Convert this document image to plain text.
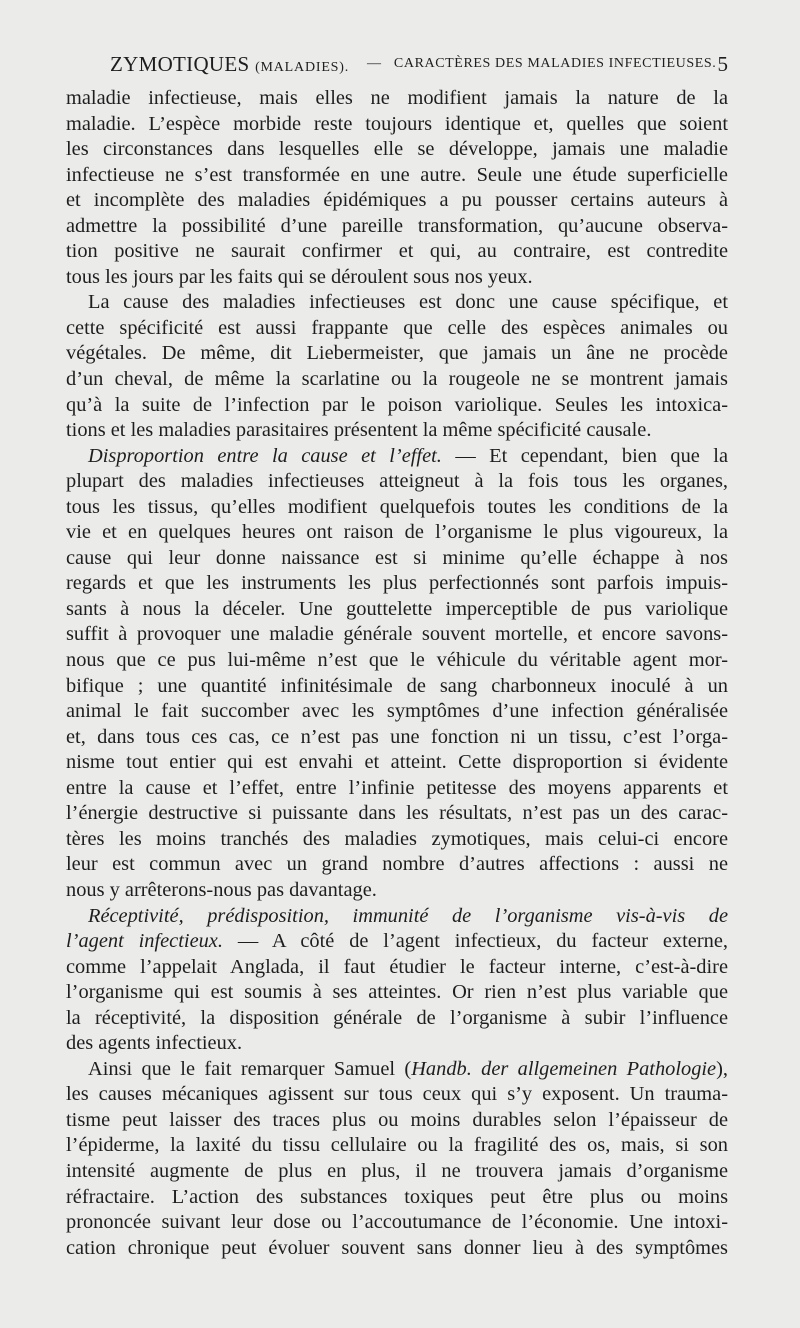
ZYMOTIQUES (MALADIES). — CARACTÈRES DES MALADIES INFECTIEUSES. 5
maladie infectieuse, mais elles ne modifient jamais la nature de la
maladie. L’espèce morbide reste toujours identique et, quelles que soient
les circonstances dans lesquelles elle se développe, jamais une maladie
infectieuse ne s’est transformée en une autre. Seule une étude superficielle
et incomplète des maladies épidémiques a pu pousser certains auteurs à
admettre la possibilité d’une pareille transformation, qu’aucune observa-
tion positive ne saurait confirmer et qui, au contraire, est contredite
tous les jours par les faits qui se déroulent sous nos yeux.
La cause des maladies infectieuses est donc une cause spécifique, et
cette spécificité est aussi frappante que celle des espèces animales ou
végétales. De même, dit Liebermeister, que jamais un âne ne procède
d’un cheval, de même la scarlatine ou la rougeole ne se montrent jamais
qu’à la suite de l’infection par le poison variolique. Seules les intoxica-
tions et les maladies parasitaires présentent la même spécificité causale.
Disproportion entre la cause et l’effet. — Et cependant, bien que la
plupart des maladies infectieuses atteigneut à la fois tous les organes,
tous les tissus, qu’elles modifient quelquefois toutes les conditions de la
vie et en quelques heures ont raison de l’organisme le plus vigoureux, la
cause qui leur donne naissance est si minime qu’elle échappe à nos
regards et que les instruments les plus perfectionnés sont parfois impuis-
sants à nous la déceler. Une gouttelette imperceptible de pus variolique
suffit à provoquer une maladie générale souvent mortelle, et encore savons-
nous que ce pus lui-même n’est que le véhicule du véritable agent mor-
bifique ; une quantité infinitésimale de sang charbonneux inoculé à un
animal le fait succomber avec les symptômes d’une infection généralisée
et, dans tous ces cas, ce n’est pas une fonction ni un tissu, c’est l’orga-
nisme tout entier qui est envahi et atteint. Cette disproportion si évidente
entre la cause et l’effet, entre l’infinie petitesse des moyens apparents et
l’énergie destructive si puissante dans les résultats, n’est pas un des carac-
tères les moins tranchés des maladies zymotiques, mais celui-ci encore
leur est commun avec un grand nombre d’autres affections : aussi ne
nous y arrêterons-nous pas davantage.
Réceptivité, prédisposition, immunité de l’organisme vis-à-vis de
l’agent infectieux. — A côté de l’agent infectieux, du facteur externe,
comme l’appelait Anglada, il faut étudier le facteur interne, c’est-à-dire
l’organisme qui est soumis à ses atteintes. Or rien n’est plus variable que
la réceptivité, la disposition générale de l’organisme à subir l’influence
des agents infectieux.
Ainsi que le fait remarquer Samuel (Handb. der allgemeinen Pathologie),
les causes mécaniques agissent sur tous ceux qui s’y exposent. Un trauma-
tisme peut laisser des traces plus ou moins durables selon l’épaisseur de
l’épiderme, la laxité du tissu cellulaire ou la fragilité des os, mais, si son
intensité augmente de plus en plus, il ne trouvera jamais d’organisme
réfractaire. L’action des substances toxiques peut être plus ou moins
prononcée suivant leur dose ou l’accoutumance de l’économie. Une intoxi-
cation chronique peut évoluer souvent sans donner lieu à des symptômes
